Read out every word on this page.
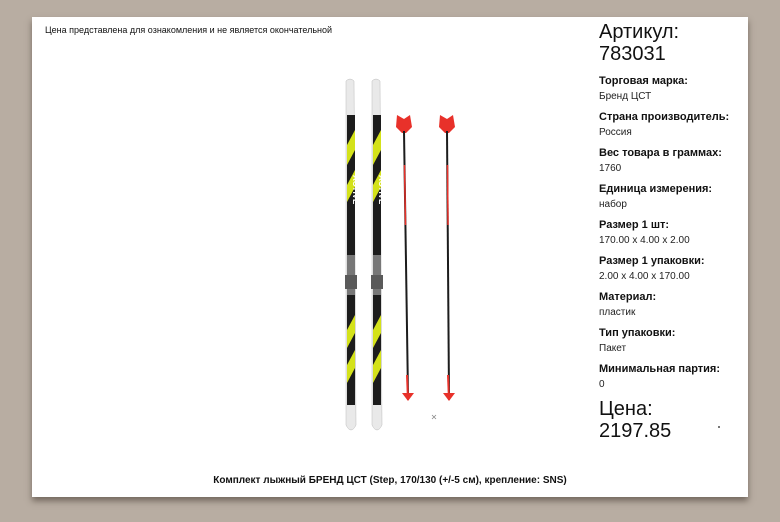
Цена представлена для ознакомления и не является окончательной
ACTIVE ACTIVE
Артикул:
783031
Торговая марка:
Бренд ЦСТ
Страна производитель:
Россия
Вес товара в граммах:
1760
Единица измерения:
набор
Размер 1 шт:
170.00 x 4.00 x 2.00
Размер 1 упаковки:
2.00 x 4.00 x 170.00
Материал:
пластик
Тип упаковки:
Пакет
Минимальная партия:
0
Цена:
2197.85
Комплект лыжный БРЕНД ЦСТ (Step, 170/130 (+/-5 см), крепление: SNS)
